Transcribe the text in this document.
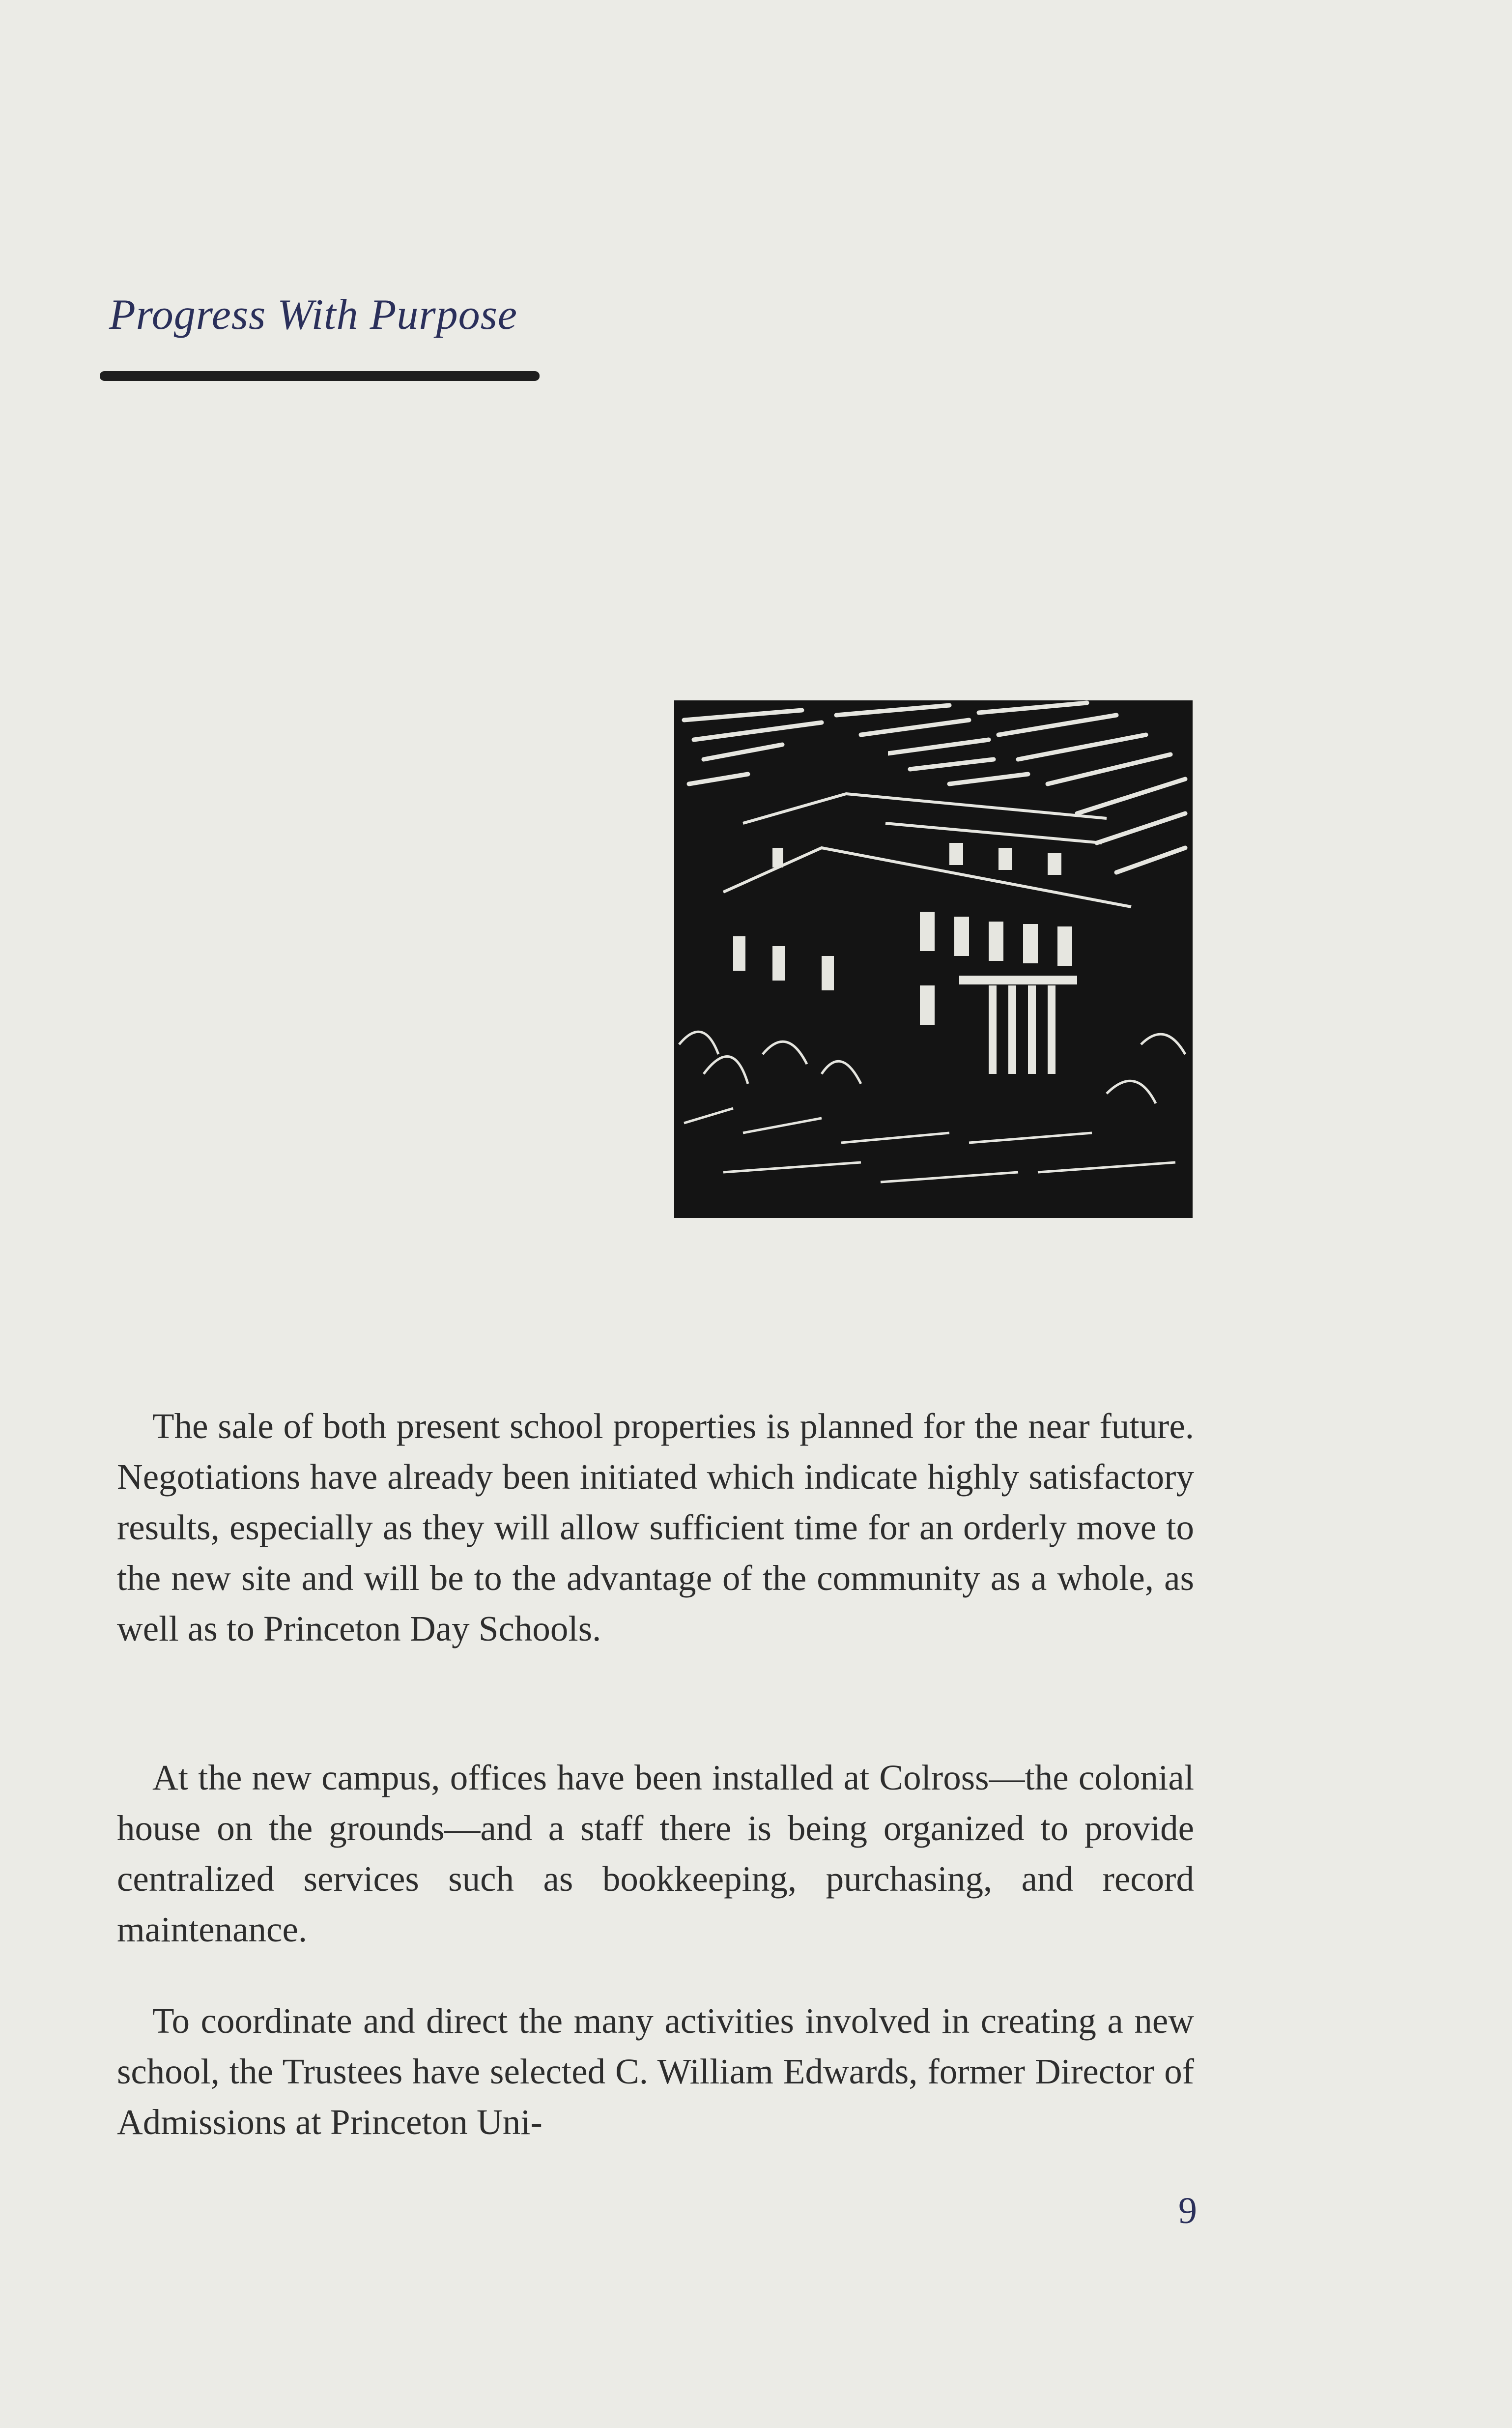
Progress With Purpose

The sale of both present school properties is planned for the near future. Negotiations have already been initiated which indicate highly satisfactory results, especially as they will allow sufficient time for an orderly move to the new site and will be to the advantage of the community as a whole, as well as to Princeton Day Schools.

At the new campus, offices have been installed at Colross—the colonial house on the grounds—and a staff there is being organized to provide centralized services such as bookkeeping, purchasing, and record maintenance.

To coordinate and direct the many activities involved in creating a new school, the Trustees have selected C. William Edwards, former Director of Admissions at Princeton Uni-

9
